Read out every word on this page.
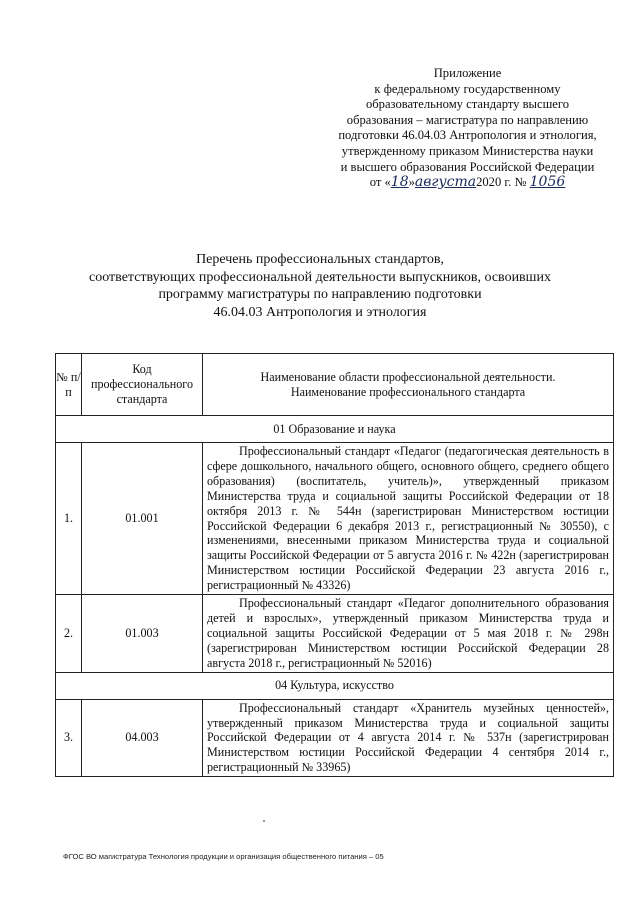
Приложение
к федеральному государственному
образовательному стандарту высшего
образования – магистратура по направлению
подготовки 46.04.03 Антропология и этнология,
утвержденному приказом Министерства науки
и высшего образования Российской Федерации
от «18»августа2020 г. № 1056
Перечень профессиональных стандартов,
соответствующих профессиональной деятельности выпускников, освоивших
программу магистратуры по направлению подготовки
46.04.03 Антропология и этнология
№ п/п	Код профессионального стандарта	Наименование области профессиональной деятельности.
Наименование профессионального стандарта

01 Образование и наука		
1.	01.001	Профессиональный стандарт «Педагог (педагогическая деятельность в сфере дошкольного, начального общего, основного общего, среднего общего образования) (воспитатель, учитель)», утвержденный приказом Министерства труда и социальной защиты Российской Федерации от 18 октября 2013 г. № 544н (зарегистрирован Министерством юстиции Российской Федерации 6 декабря 2013 г., регистрационный № 30550), с изменениями, внесенными приказом Министерства труда и социальной защиты Российской Федерации от 5 августа 2016 г. № 422н (зарегистрирован Министерством юстиции Российской Федерации 23 августа 2016 г., регистрационный № 43326)

2.	01.003	Профессиональный стандарт «Педагог дополнительного образования детей и взрослых», утвержденный приказом Министерства труда и социальной защиты Российской Федерации от 5 мая 2018 г. № 298н (зарегистрирован Министерством юстиции Российской Федерации 28 августа 2018 г., регистрационный № 52016)

04 Культура, искусство		
3.	04.003	Профессиональный стандарт «Хранитель музейных ценностей», утвержденный приказом Министерства труда и социальной защиты Российской Федерации от 4 августа 2014 г. № 537н (зарегистрирован Министерством юстиции Российской Федерации 4 сентября 2014 г., регистрационный № 33965)
ФГОС ВО магистратура Технология продукции и организация общественного питания – 05
